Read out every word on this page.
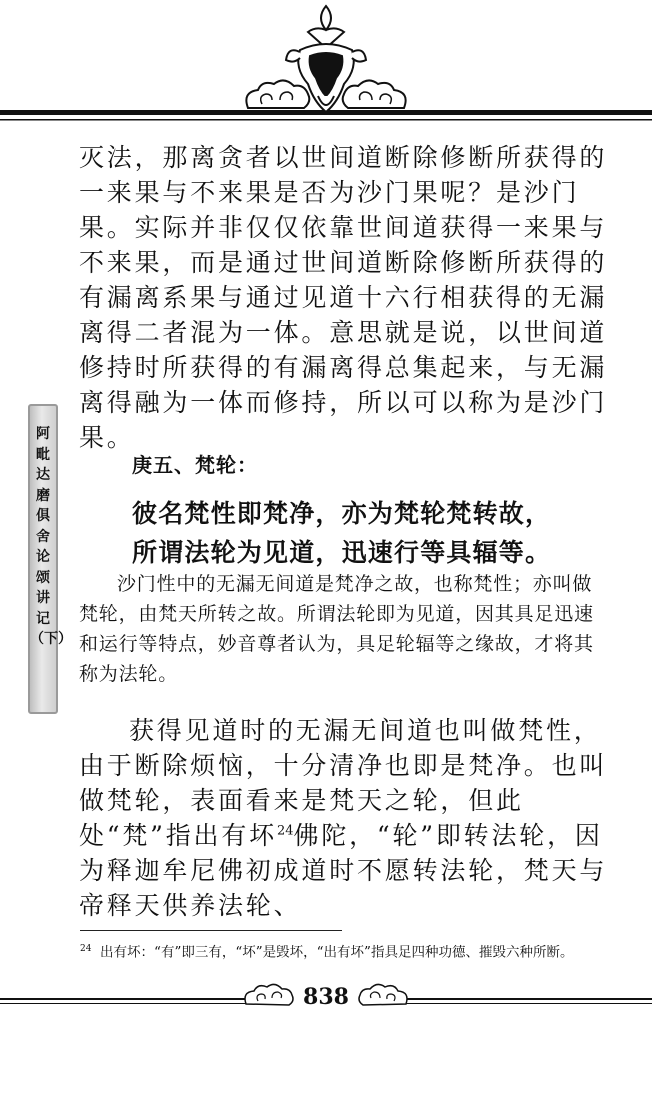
阿毗达磨俱舍论颂讲记（下）

灭法，那离贪者以世间道断除修断所获得的一来果与不来果是否为沙门果呢？是沙门果。实际并非仅仅依靠世间道获得一来果与不来果，而是通过世间道断除修断所获得的有漏离系果与通过见道十六行相获得的无漏离得二者混为一体。意思就是说，以世间道修持时所获得的有漏离得总集起来，与无漏离得融为一体而修持，所以可以称为是沙门果。

庚五、梵轮：

彼名梵性即梵净，亦为梵轮梵转故，

所谓法轮为见道，迅速行等具辐等。

沙门性中的无漏无间道是梵净之故，也称梵性；亦叫做梵轮，由梵天所转之故。所谓法轮即为见道，因其具足迅速和运行等特点，妙音尊者认为，具足轮辐等之缘故，才将其称为法轮。

获得见道时的无漏无间道也叫做梵性，由于断除烦恼，十分清净也即是梵净。也叫做梵轮，表面看来是梵天之轮，但此处“梵”指出有坏$^{24}$佛陀，“轮”即转法轮，因为释迦牟尼佛初成道时不愿转法轮，梵天与帝释天供养法轮、

$^{24}$ 出有坏：“有”即三有，“坏”是毁坏，“出有坏”指具足四种功德、摧毁六种所断。

838
